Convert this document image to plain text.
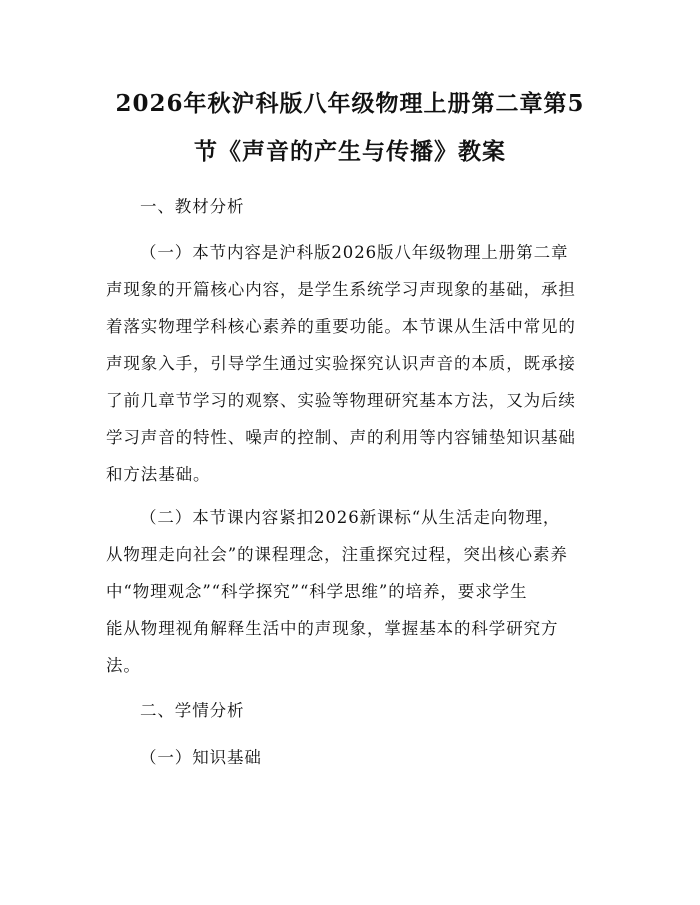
2026年秋沪科版八年级物理上册第二章第5
节《声音的产生与传播》教案
一、教材分析
（一）本节内容是沪科版2026版八年级物理上册第二章
声现象的开篇核心内容，是学生系统学习声现象的基础，承担
着落实物理学科核心素养的重要功能。本节课从生活中常见的
声现象入手，引导学生通过实验探究认识声音的本质，既承接
了前几章节学习的观察、实验等物理研究基本方法，又为后续
学习声音的特性、噪声的控制、声的利用等内容铺垫知识基础
和方法基础。
（二）本节课内容紧扣2026新课标“从生活走向物理，
从物理走向社会”的课程理念，注重探究过程，突出核心素养
中“物理观念”“科学探究”“科学思维”的培养，要求学生
能从物理视角解释生活中的声现象，掌握基本的科学研究方
法。
二、学情分析
（一）知识基础
